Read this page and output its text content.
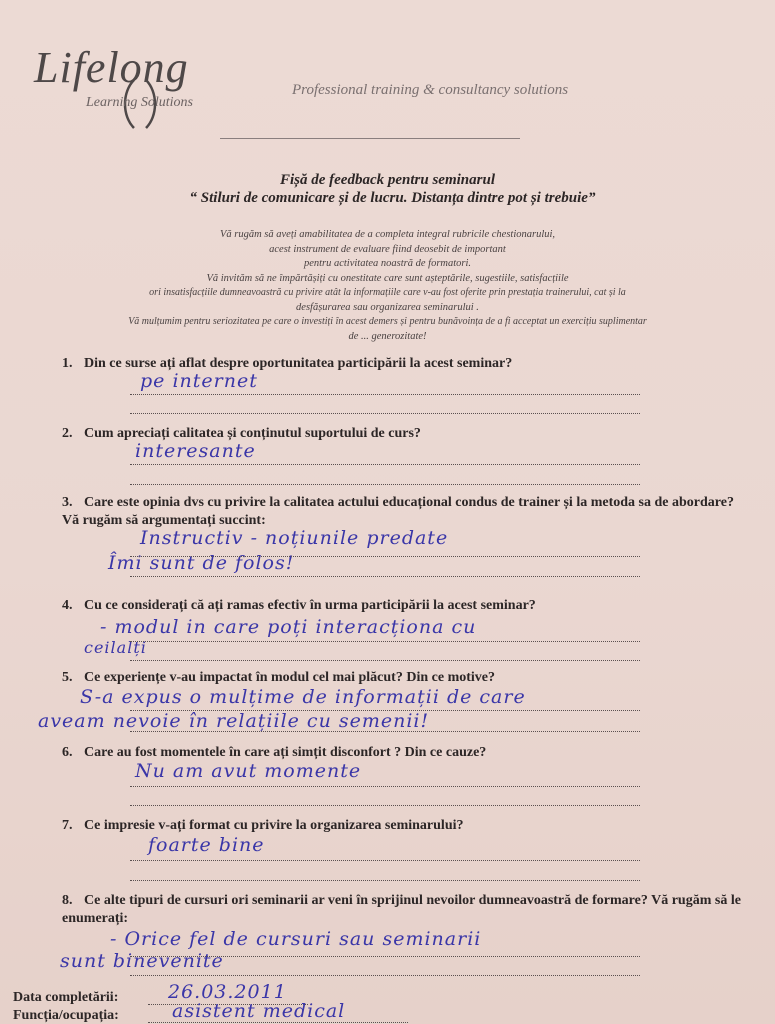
Lifelong
Learning Solutions
Professional training & consultancy solutions
Fișă de feedback pentru seminarul
“ Stiluri de comunicare și de lucru. Distanța dintre pot și trebuie”
Vă rugăm să aveți amabilitatea de a completa integral rubricile chestionarului,
acest instrument de evaluare fiind deosebit de important
pentru activitatea noastră de formatori.
Vă invităm să ne împărtășiți cu onestitate care sunt așteptările, sugestiile, satisfacțiile
ori insatisfacțiile dumneavoastră cu privire atât la informațiile care v-au fost oferite prin prestația trainerului, cat și la
desfășurarea sau organizarea seminarului .
Vă mulțumim pentru seriozitatea pe care o investiți în acest demers și pentru bunăvoința de a fi acceptat un exercițiu suplimentar
de ... generozitate!
1. Din ce surse ați aflat despre oportunitatea participării la acest seminar?
pe internet
2. Cum apreciați calitatea și conținutul suportului de curs?
interesante
3. Care este opinia dvs cu privire la calitatea actului educațional condus de trainer și la metoda sa de abordare? Vă rugăm să argumentați succint:
Instructiv - noțiunile predate
Îmi sunt de folos!
4. Cu ce considerați că ați ramas efectiv în urma participării la acest seminar?
- modul in care poți interacționa cu
ceilalți
5. Ce experiențe v-au impactat în modul cel mai plăcut? Din ce motive?
S-a expus o mulțime de informații de care
aveam nevoie în relațiile cu semenii!
6. Care au fost momentele în care ați simțit disconfort ? Din ce cauze?
Nu am avut momente
7. Ce impresie v-ați format cu privire la organizarea seminarului?
foarte bine
8. Ce alte tipuri de cursuri ori seminarii ar veni în sprijinul nevoilor dumneavoastră de formare? Vă rugăm să le enumerați:
- Orice fel de cursuri sau seminarii
sunt binevenite
Data completării:	26.03.2011
Funcția/ocupația:	asistent medical
